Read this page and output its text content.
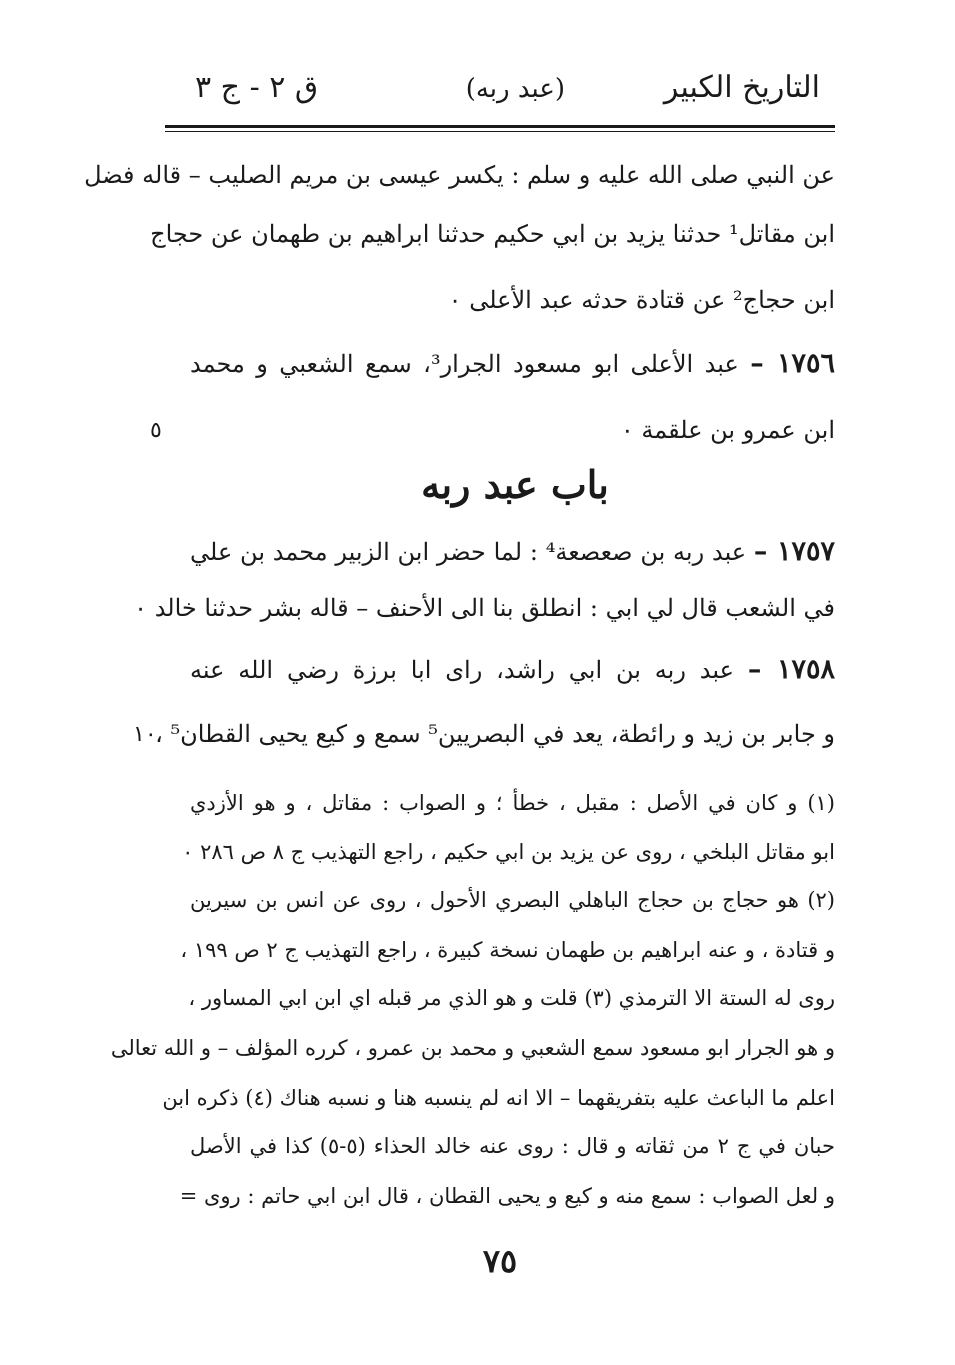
التاريخ الكبير
(عبد ربه)
ق ٢ - ج ٣
عن النبي صلى الله عليه و سلم : يكسر عيسى بن مريم الصليب – قاله فضل
ابن مقاتل¹ حدثنا يزيد بن ابي حكيم حدثنا ابراهيم بن طهمان عن حجاج
ابن حجاج² عن قتادة حدثه عبد الأعلى ٠
١٧٥٦ – عبد الأعلى ابو مسعود الجرار³، سمع الشعبي و محمد
ابن عمرو بن علقمة ٠
٥
باب عبد ربه
١٧٥٧ – عبد ربه بن صعصعة⁴ : لما حضر ابن الزبير محمد بن علي
في الشعب قال لي ابي : انطلق بنا الى الأحنف – قاله بشر حدثنا خالد ٠
١٧٥٨ – عبد ربه بن ابي راشد، راى ابا برزة رضي الله عنه
و جابر بن زيد و رائطة، يعد في البصريين⁵ سمع و كيع يحيى القطان⁵ ،
١٠
(١) و كان في الأصل : مقبل ، خطأ ؛ و الصواب : مقاتل ، و هو الأزدي
ابو مقاتل البلخي ، روى عن يزيد بن ابي حكيم ، راجع التهذيب ج ٨ ص ٢٨٦ ٠
(٢) هو حجاج بن حجاج الباهلي البصري الأحول ، روى عن انس بن سيرين
و قتادة ، و عنه ابراهيم بن طهمان نسخة كبيرة ، راجع التهذيب ج ٢ ص ١٩٩ ،
روى له الستة الا الترمذي (٣) قلت و هو الذي مر قبله اي ابن ابي المساور ،
و هو الجرار ابو مسعود سمع الشعبي و محمد بن عمرو ، كرره المؤلف – و الله تعالى
اعلم ما الباعث عليه بتفريقهما – الا انه لم ينسبه هنا و نسبه هناك (٤) ذكره ابن
حبان في ج ٢ من ثقاته و قال : روى عنه خالد الحذاء (٥-٥) كذا في الأصل
و لعل الصواب : سمع منه و كيع و يحيى القطان ، قال ابن ابي حاتم : روى =
٧٥
